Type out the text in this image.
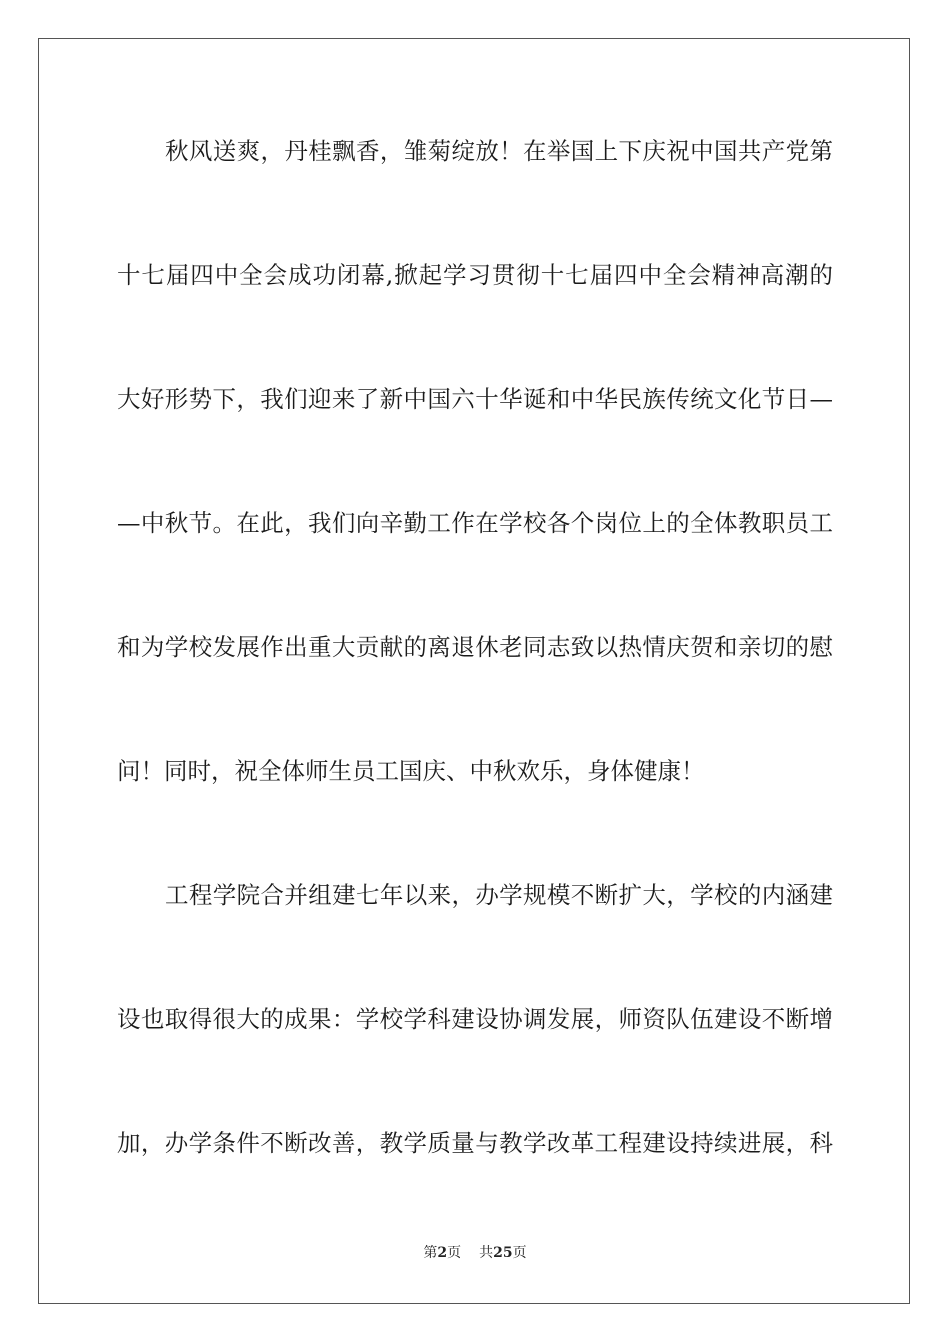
秋风送爽，丹桂飘香，雏菊绽放！在举国上下庆祝中国共产党第
十七届四中全会成功闭幕,掀起学习贯彻十七届四中全会精神高潮的
大好形势下，我们迎来了新中国六十华诞和中华民族传统文化节日—
—中秋节。在此，我们向辛勤工作在学校各个岗位上的全体教职员工
和为学校发展作出重大贡献的离退休老同志致以热情庆贺和亲切的慰
问！同时，祝全体师生员工国庆、中秋欢乐，身体健康！
工程学院合并组建七年以来，办学规模不断扩大，学校的内涵建
设也取得很大的成果：学校学科建设协调发展，师资队伍建设不断增
加，办学条件不断改善，教学质量与教学改革工程建设持续进展，科
第2页 共25页
